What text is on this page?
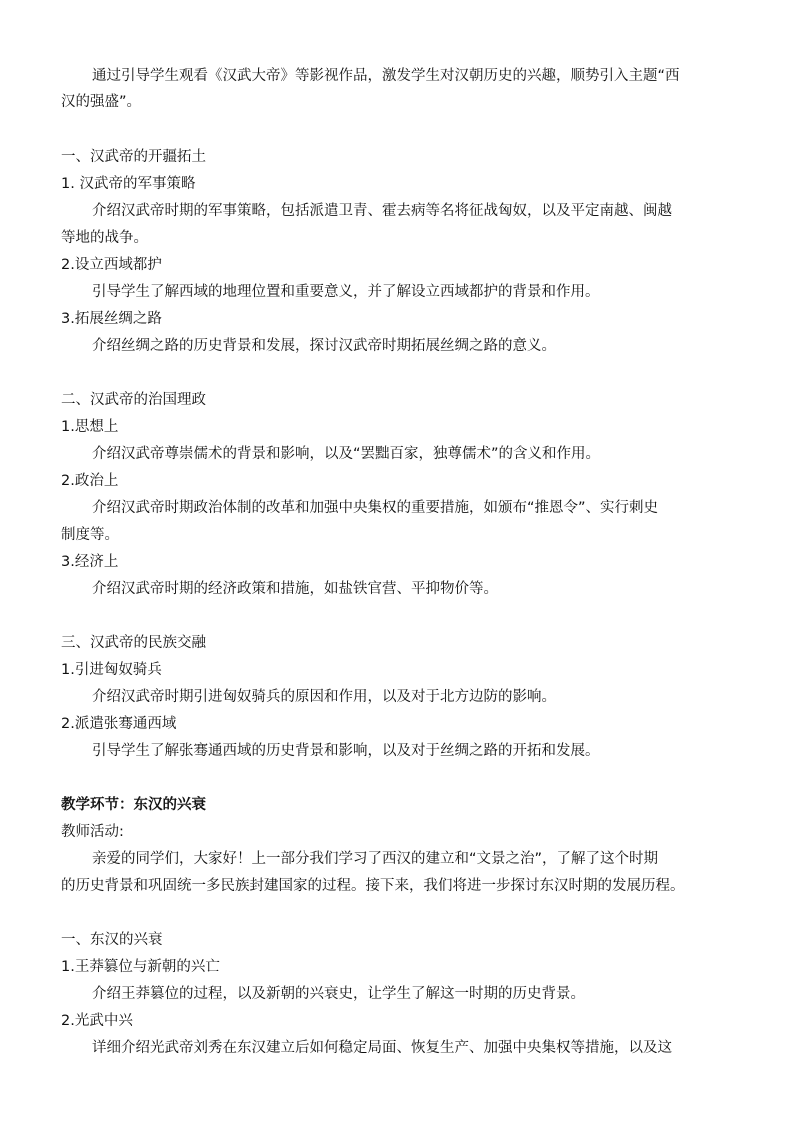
通过引导学生观看《汉武大帝》等影视作品，激发学生对汉朝历史的兴趣，顺势引入主题“西
汉的强盛”。
一、汉武帝的开疆拓土
1. 汉武帝的军事策略
介绍汉武帝时期的军事策略，包括派遣卫青、霍去病等名将征战匈奴，以及平定南越、闽越
等地的战争。
2.设立西域都护
引导学生了解西域的地理位置和重要意义，并了解设立西域都护的背景和作用。
3.拓展丝绸之路
介绍丝绸之路的历史背景和发展，探讨汉武帝时期拓展丝绸之路的意义。
二、汉武帝的治国理政
1.思想上
介绍汉武帝尊崇儒术的背景和影响，以及“罢黜百家，独尊儒术”的含义和作用。
2.政治上
介绍汉武帝时期政治体制的改革和加强中央集权的重要措施，如颁布“推恩令”、实行刺史
制度等。
3.经济上
介绍汉武帝时期的经济政策和措施，如盐铁官营、平抑物价等。
三、汉武帝的民族交融
1.引进匈奴骑兵
介绍汉武帝时期引进匈奴骑兵的原因和作用，以及对于北方边防的影响。
2.派遣张骞通西域
引导学生了解张骞通西域的历史背景和影响，以及对于丝绸之路的开拓和发展。
教学环节：东汉的兴衰
教师活动:
亲爱的同学们，大家好！上一部分我们学习了西汉的建立和“文景之治”，了解了这个时期
的历史背景和巩固统一多民族封建国家的过程。接下来，我们将进一步探讨东汉时期的发展历程。
一、东汉的兴衰
1.王莽篡位与新朝的兴亡
介绍王莽篡位的过程，以及新朝的兴衰史，让学生了解这一时期的历史背景。
2.光武中兴
详细介绍光武帝刘秀在东汉建立后如何稳定局面、恢复生产、加强中央集权等措施，以及这
